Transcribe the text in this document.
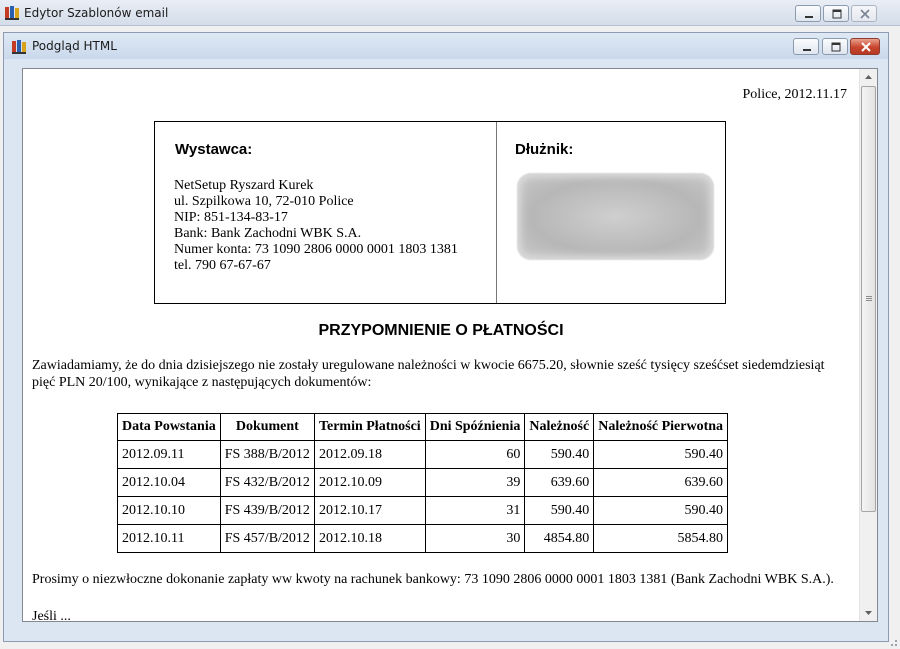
Edytor Szablonów email
Podgląd HTML
Police, 2012.11.17
Wystawca:
NetSetup Ryszard Kurek
ul. Szpilkowa 10, 72-010 Police
NIP: 851-134-83-17
Bank: Bank Zachodni WBK S.A.
Numer konta: 73 1090 2806 0000 0001 1803 1381
tel. 790 67-67-67
Dłużnik:
PRZYPOMNIENIE O PŁATNOŚCI
Zawiadamiamy, że do dnia dzisiejszego nie zostały uregulowane należności w kwocie 6675.20, słownie sześć tysięcy sześćset siedemdziesiąt pięć PLN 20/100, wynikające z następujących dokumentów:
Data Powstania	Dokument	Termin Płatności	Dni Spóźnienia	Należność	Należność Pierwotna
2012.09.11	FS 388/B/2012	2012.09.18	60	590.40	590.40
2012.10.04	FS 432/B/2012	2012.10.09	39	639.60	639.60
2012.10.10	FS 439/B/2012	2012.10.17	31	590.40	590.40
2012.10.11	FS 457/B/2012	2012.10.18	30	4854.80	5854.80
Prosimy o niezwłoczne dokonanie zapłaty ww kwoty na rachunek bankowy: 73 1090 2806 0000 0001 1803 1381 (Bank Zachodni WBK S.A.).
Jeśli ...
